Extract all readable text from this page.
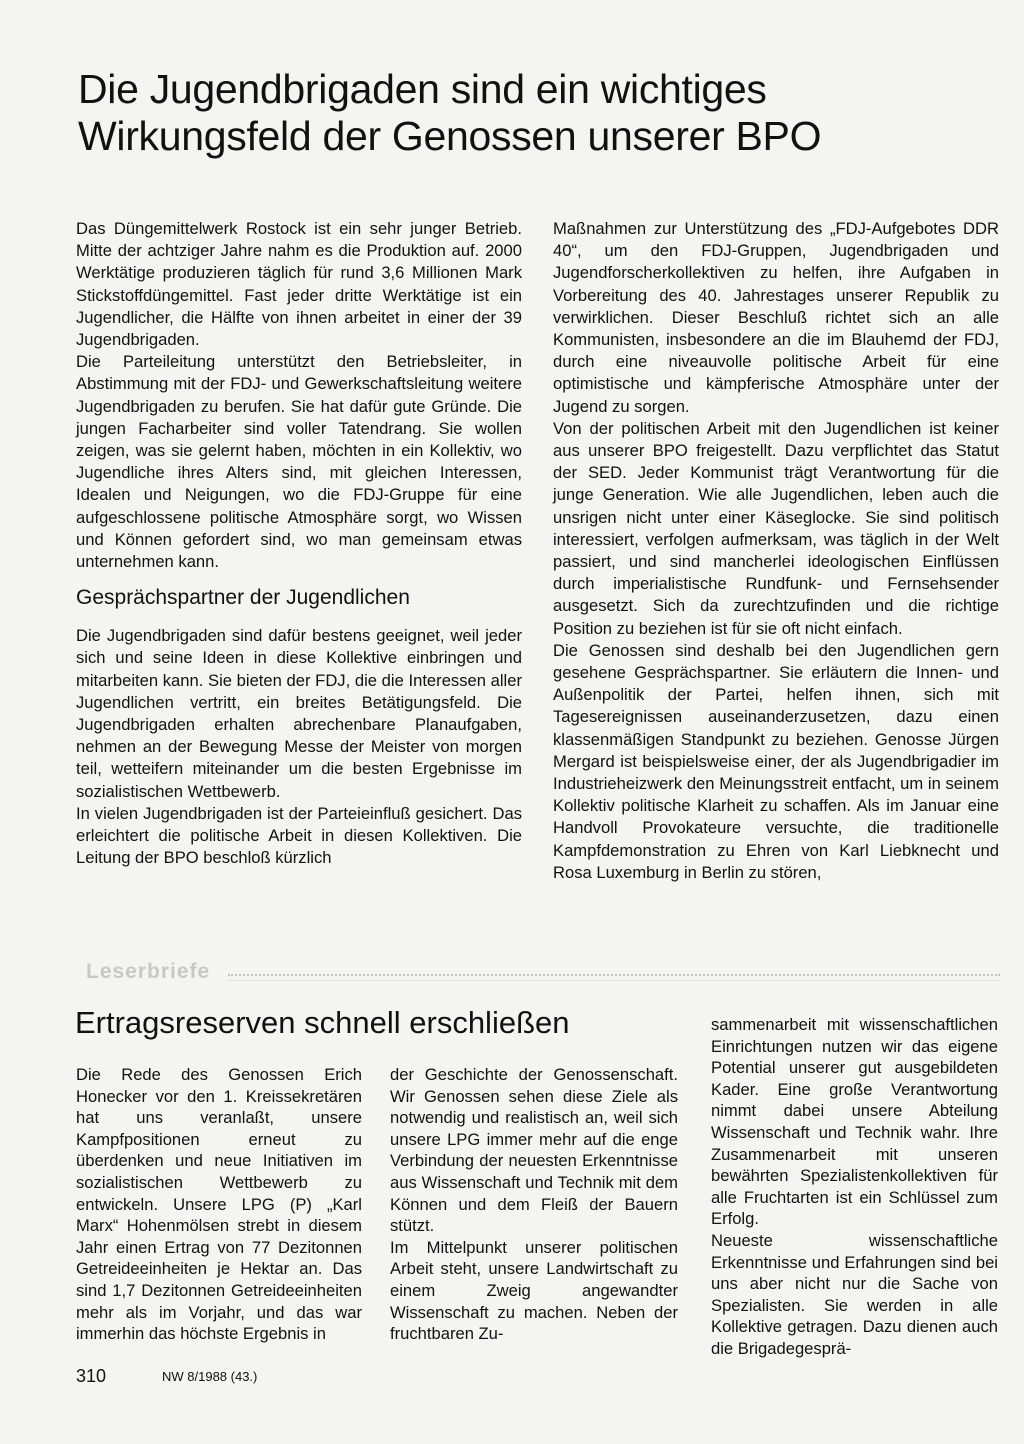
Die Jugendbrigaden sind ein wichtiges Wirkungsfeld der Genossen unserer BPO

Das Düngemittelwerk Rostock ist ein sehr junger Betrieb. Mitte der achtziger Jahre nahm es die Produktion auf. 2000 Werktätige produzieren täglich für rund 3,6 Millionen Mark Stickstoffdüngemittel. Fast jeder dritte Werktätige ist ein Jugendlicher, die Hälfte von ihnen arbeitet in einer der 39 Jugendbrigaden.

Die Parteileitung unterstützt den Betriebsleiter, in Abstimmung mit der FDJ- und Gewerkschaftsleitung weitere Jugendbrigaden zu berufen. Sie hat dafür gute Gründe. Die jungen Facharbeiter sind voller Tatendrang. Sie wollen zeigen, was sie gelernt haben, möchten in ein Kollektiv, wo Jugendliche ihres Alters sind, mit gleichen Interessen, Idealen und Neigungen, wo die FDJ-Gruppe für eine aufgeschlossene politische Atmosphäre sorgt, wo Wissen und Können gefordert sind, wo man gemeinsam etwas unternehmen kann.

Gesprächspartner der Jugendlichen

Die Jugendbrigaden sind dafür bestens geeignet, weil jeder sich und seine Ideen in diese Kollektive einbringen und mitarbeiten kann. Sie bieten der FDJ, die die Interessen aller Jugendlichen vertritt, ein breites Betätigungsfeld. Die Jugendbrigaden erhalten abrechenbare Planaufgaben, nehmen an der Bewegung Messe der Meister von morgen teil, wetteifern miteinander um die besten Ergebnisse im sozialistischen Wettbewerb.

In vielen Jugendbrigaden ist der Parteieinfluß gesichert. Das erleichtert die politische Arbeit in diesen Kollektiven. Die Leitung der BPO beschloß kürzlich

Maßnahmen zur Unterstützung des „FDJ-Aufgebotes DDR 40“, um den FDJ-Gruppen, Jugendbrigaden und Jugendforscherkollektiven zu helfen, ihre Aufgaben in Vorbereitung des 40. Jahrestages unserer Republik zu verwirklichen. Dieser Beschluß richtet sich an alle Kommunisten, insbesondere an die im Blauhemd der FDJ, durch eine niveauvolle politische Arbeit für eine optimistische und kämpferische Atmosphäre unter der Jugend zu sorgen.

Von der politischen Arbeit mit den Jugendlichen ist keiner aus unserer BPO freigestellt. Dazu verpflichtet das Statut der SED. Jeder Kommunist trägt Verantwortung für die junge Generation. Wie alle Jugendlichen, leben auch die unsrigen nicht unter einer Käseglocke. Sie sind politisch interessiert, verfolgen aufmerksam, was täglich in der Welt passiert, und sind mancherlei ideologischen Einflüssen durch imperialistische Rundfunk- und Fernsehsender ausgesetzt. Sich da zurechtzufinden und die richtige Position zu beziehen ist für sie oft nicht einfach.

Die Genossen sind deshalb bei den Jugendlichen gern gesehene Gesprächspartner. Sie erläutern die Innen- und Außenpolitik der Partei, helfen ihnen, sich mit Tagesereignissen auseinanderzusetzen, dazu einen klassenmäßigen Standpunkt zu beziehen. Genosse Jürgen Mergard ist beispielsweise einer, der als Jugendbrigadier im Industrieheizwerk den Meinungsstreit entfacht, um in seinem Kollektiv politische Klarheit zu schaffen. Als im Januar eine Handvoll Provokateure versuchte, die traditionelle Kampfdemonstration zu Ehren von Karl Liebknecht und Rosa Luxemburg in Berlin zu stören,

Leserbriefe
Ertragsreserven schnell erschließen

Die Rede des Genossen Erich Honecker vor den 1. Kreissekretären hat uns veranlaßt, unsere Kampfpositionen erneut zu überdenken und neue Initiativen im sozialistischen Wettbewerb zu entwickeln. Unsere LPG (P) „Karl Marx“ Hohenmölsen strebt in diesem Jahr einen Ertrag von 77 Dezitonnen Getreideeinheiten je Hektar an. Das sind 1,7 Dezitonnen Getreideeinheiten mehr als im Vorjahr, und das war immerhin das höchste Ergebnis in

der Geschichte der Genossenschaft. Wir Genossen sehen diese Ziele als notwendig und realistisch an, weil sich unsere LPG immer mehr auf die enge Verbindung der neuesten Erkenntnisse aus Wissenschaft und Technik mit dem Können und dem Fleiß der Bauern stützt.

Im Mittelpunkt unserer politischen Arbeit steht, unsere Landwirtschaft zu einem Zweig angewandter Wissenschaft zu machen. Neben der fruchtbaren Zu-

sammenarbeit mit wissenschaftlichen Einrichtungen nutzen wir das eigene Potential unserer gut ausgebildeten Kader. Eine große Verantwortung nimmt dabei unsere Abteilung Wissenschaft und Technik wahr. Ihre Zusammenarbeit mit unseren bewährten Spezialistenkollektiven für alle Fruchtarten ist ein Schlüssel zum Erfolg.

Neueste wissenschaftliche Erkenntnisse und Erfahrungen sind bei uns aber nicht nur die Sache von Spezialisten. Sie werden in alle Kollektive getragen. Dazu dienen auch die Brigadegesprä-

310	NW 8/1988 (43.)
